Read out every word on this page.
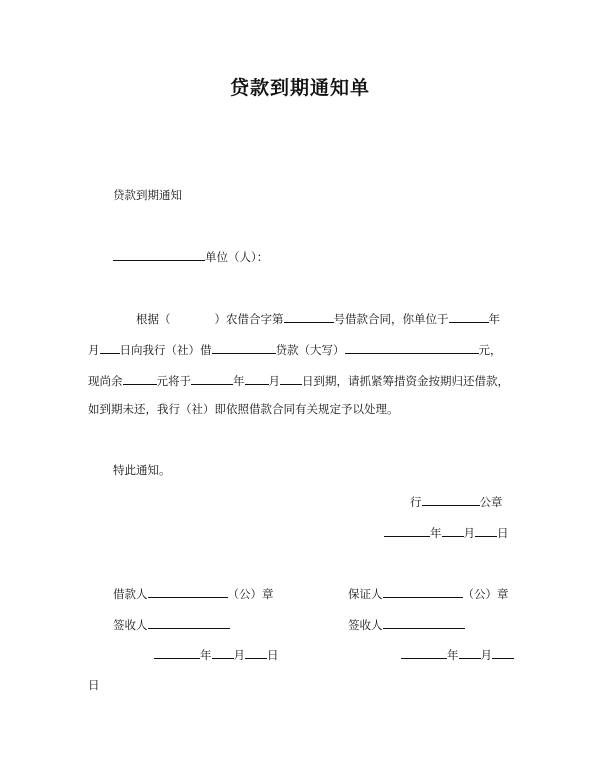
贷款到期通知单
贷款到期通知
单位（人）：
根据（	）农借合字第	号借款合同，你单位于	年
月 日向我行（社）借	贷款（大写）	元，
现尚余	元将于	年 月 日到期，请抓紧筹措资金按期归还借款，
如到期未还，我行（社）即依照借款合同有关规定予以处理。
特此通知。
行	公章
年 月 日
借款人	（公）章	保证人	（公）章
签收人	签收人
年 月 日	年 月
日
